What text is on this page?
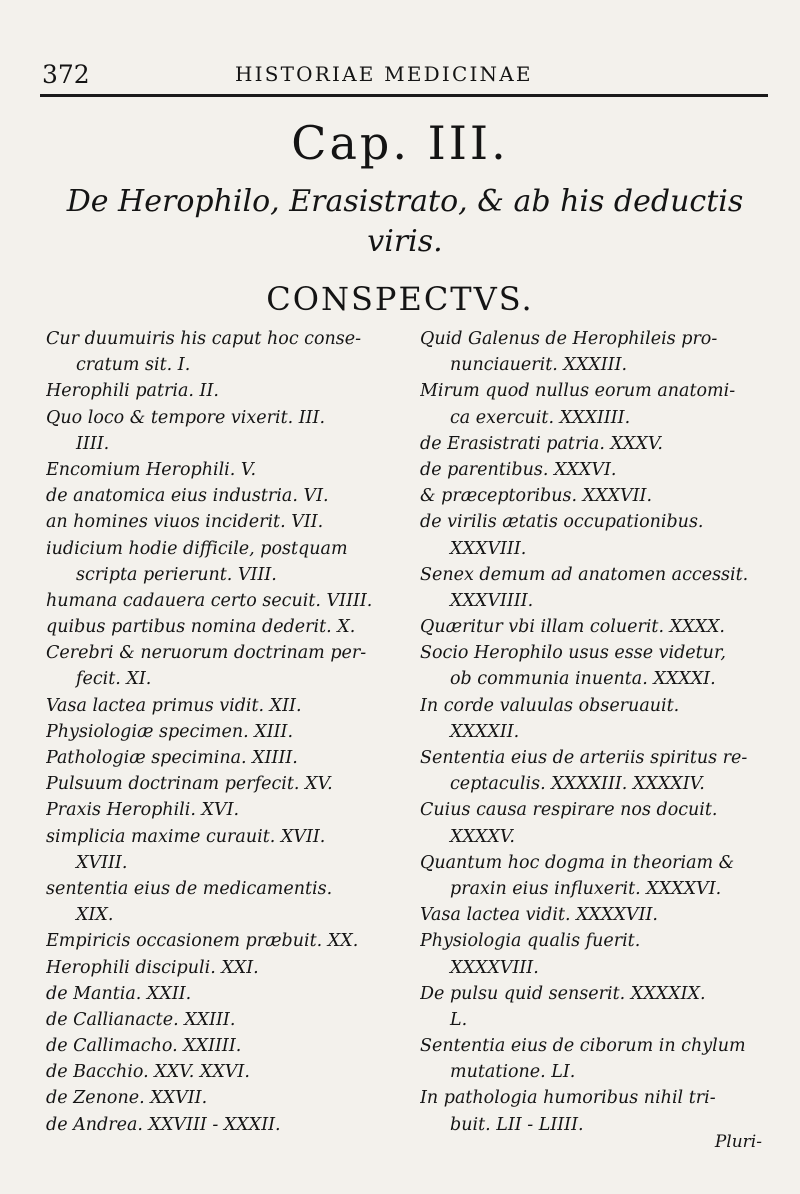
372	HISTORIAE MEDICINAE
Cap. III.
De Herophilo, Erasistrato, & ab his deductis
viris.
CONSPECTVS.
Cur duumuiris his caput hoc conse-
cratum sit. I.
Herophili patria. II.
Quo loco & tempore vixerit. III.
IIII.
Encomium Herophili. V.
de anatomica eius industria. VI.
an homines viuos inciderit. VII.
iudicium hodie difficile, postquam
scripta perierunt. VIII.
humana cadauera certo secuit. VIIII.
quibus partibus nomina dederit. X.
Cerebri & neruorum doctrinam per-
fecit. XI.
Vasa lactea primus vidit. XII.
Physiologiæ specimen. XIII.
Pathologiæ specimina. XIIII.
Pulsuum doctrinam perfecit. XV.
Praxis Herophili. XVI.
simplicia maxime curauit. XVII.
XVIII.
sententia eius de medicamentis.
XIX.
Empiricis occasionem præbuit. XX.
Herophili discipuli. XXI.
de Mantia. XXII.
de Callianacte. XXIII.
de Callimacho. XXIIII.
de Bacchio. XXV. XXVI.
de Zenone. XXVII.
de Andrea. XXVIII - XXXII.
Quid Galenus de Herophileis pro-
nunciauerit. XXXIII.
Mirum quod nullus eorum anatomi-
ca exercuit. XXXIIII.
de Erasistrati patria. XXXV.
de parentibus. XXXVI.
& præceptoribus. XXXVII.
de virilis ætatis occupationibus.
XXXVIII.
Senex demum ad anatomen accessit.
XXXVIIII.
Quæritur vbi illam coluerit. XXXX.
Socio Herophilo usus esse videtur,
ob communia inuenta. XXXXI.
In corde valuulas obseruauit.
XXXXII.
Sententia eius de arteriis spiritus re-
ceptaculis. XXXXIII. XXXXIV.
Cuius causa respirare nos docuit.
XXXXV.
Quantum hoc dogma in theoriam &
praxin eius influxerit. XXXXVI.
Vasa lactea vidit. XXXXVII.
Physiologia qualis fuerit.
XXXXVIII.
De pulsu quid senserit. XXXXIX.
L.
Sententia eius de ciborum in chylum
mutatione. LI.
In pathologia humoribus nihil tri-
buit. LII - LIIII.
Pluri-
